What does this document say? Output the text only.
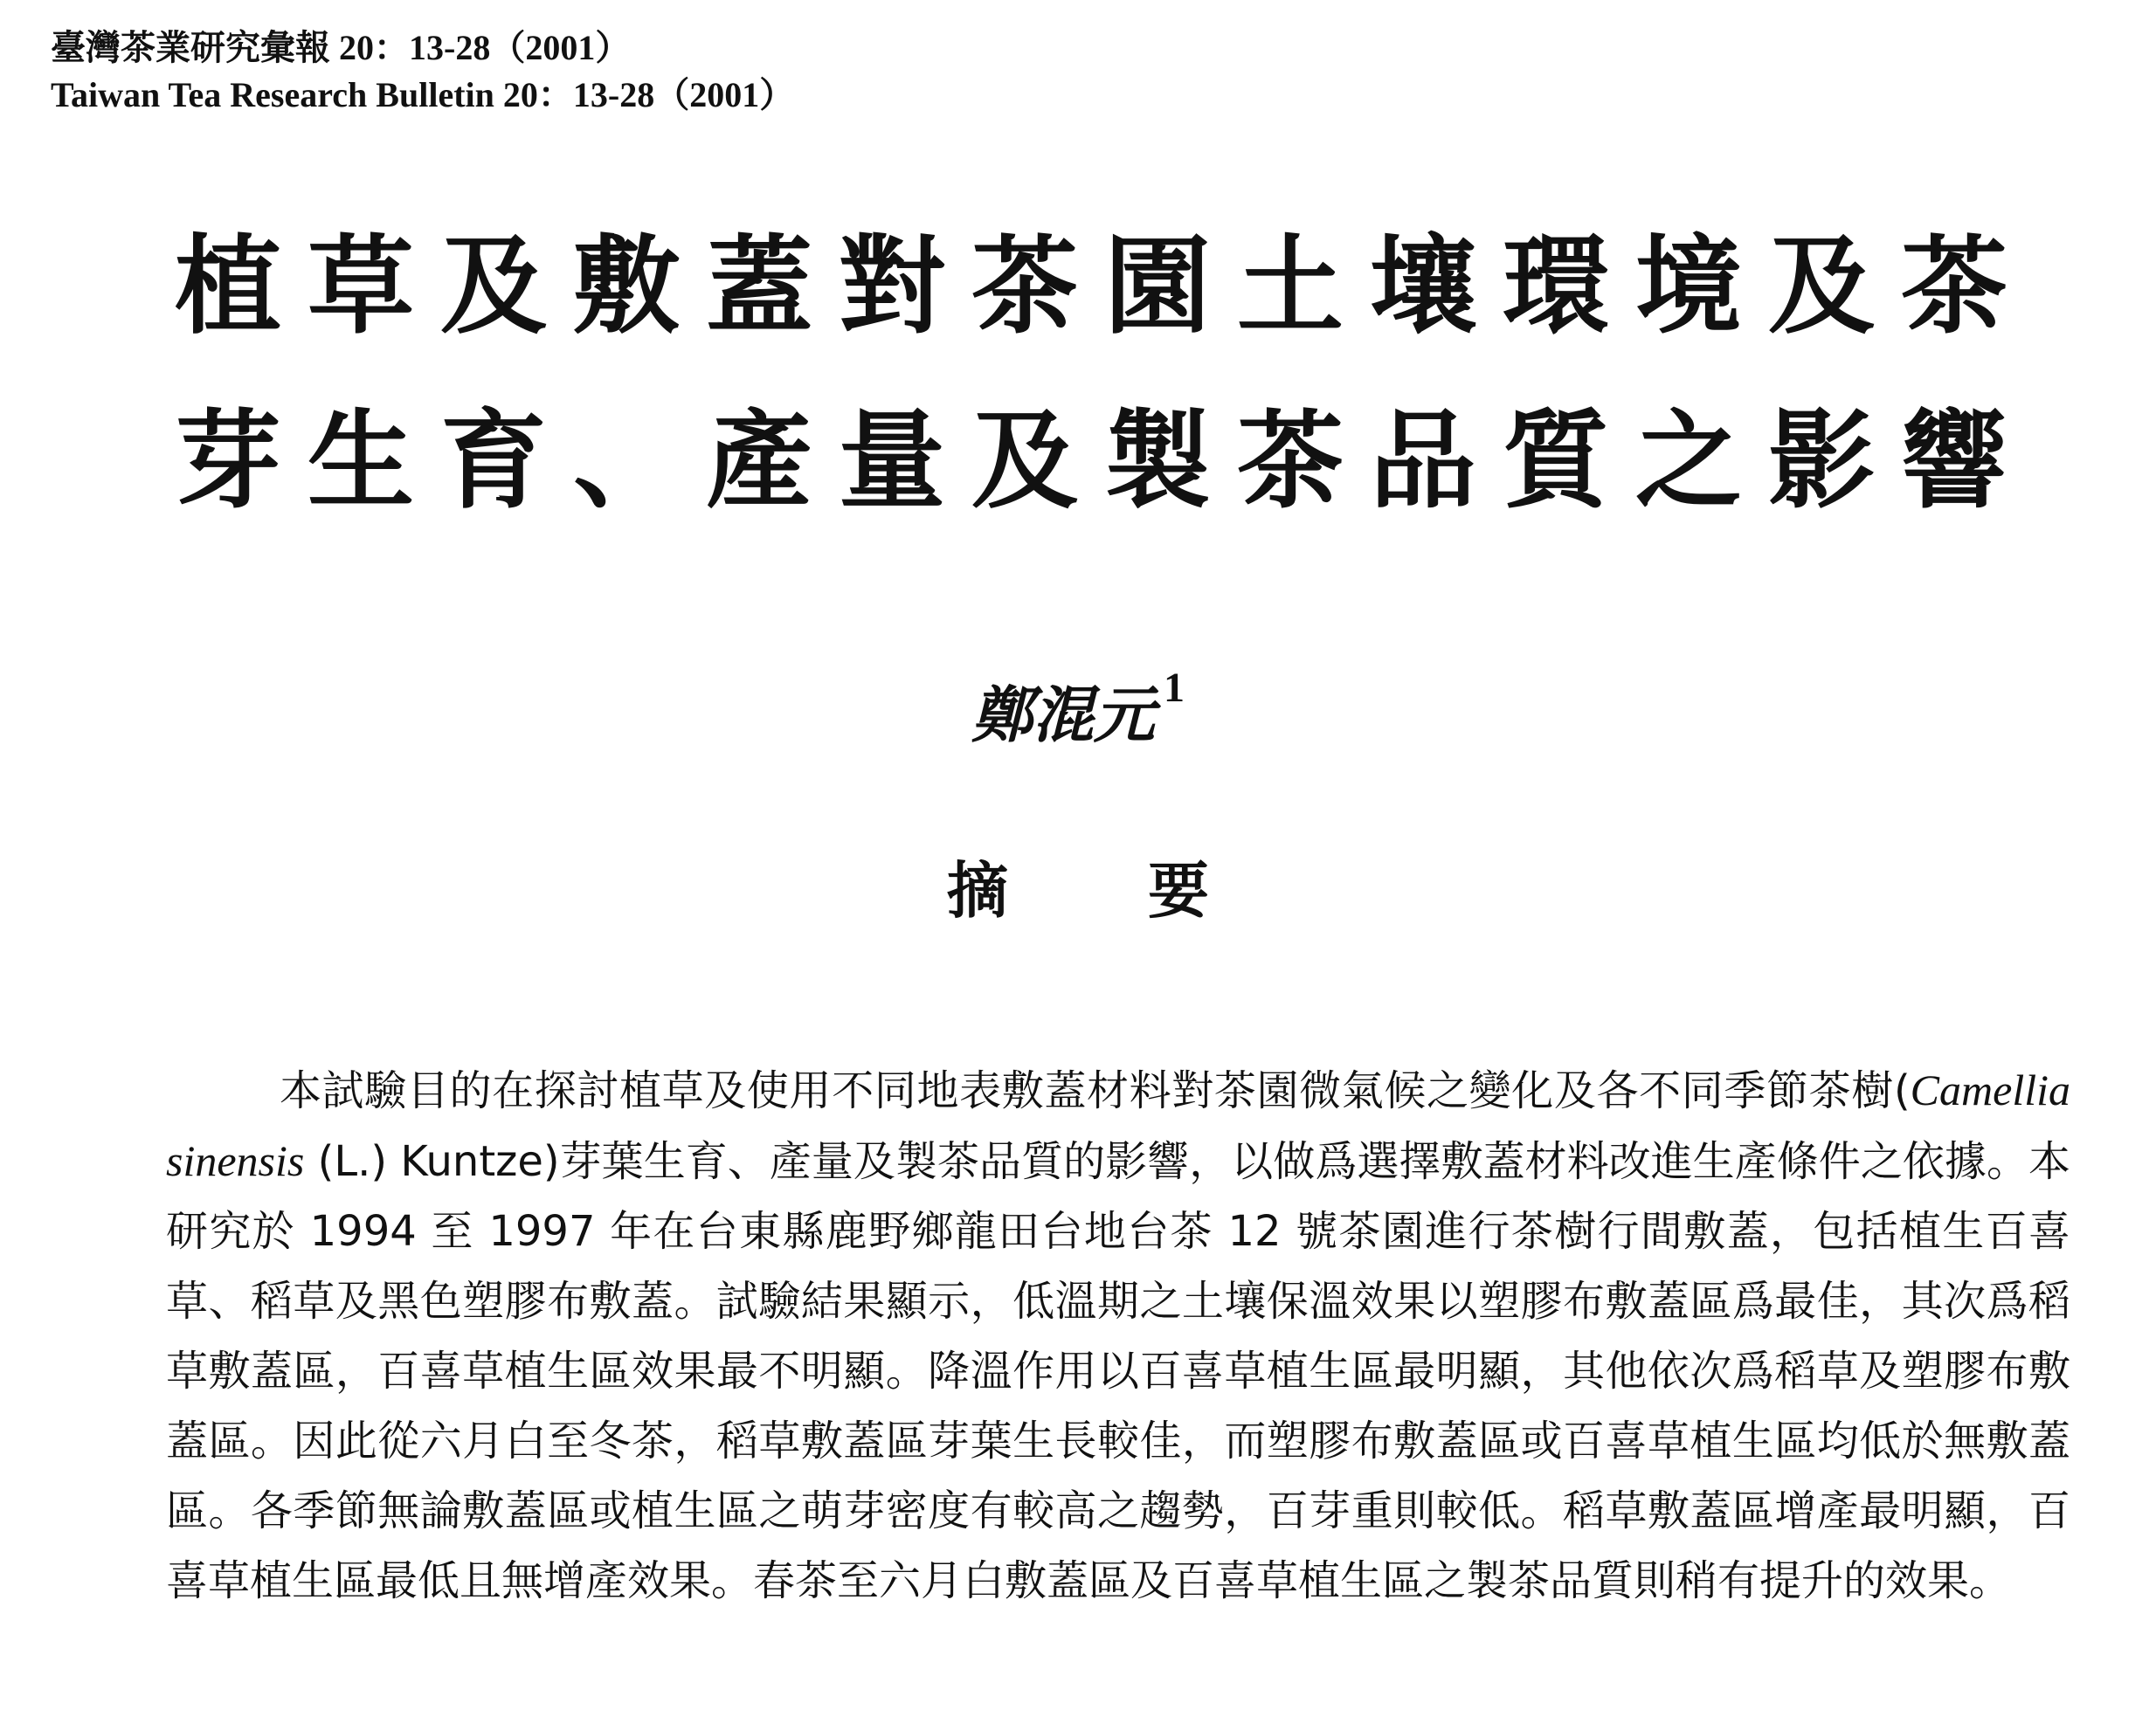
臺灣茶業研究彙報 20：13-28（2001）
Taiwan Tea Research Bulletin 20：13-28（2001）
植草及敷蓋對茶園土壤環境及茶
芽生育、產量及製茶品質之影響
鄭混元 $^1$
摘要

本試驗目的在探討植草及使用不同地表敷蓋材料對茶園微氣候之變化及各不同季節茶樹(Camellia sinensis (L.) Kuntze)芽葉生育、產量及製茶品質的影響，以做爲選擇敷蓋材料改進生產條件之依據。本研究於 1994 至 1997 年在台東縣鹿野鄉龍田台地台茶 12 號茶園進行茶樹行間敷蓋，包括植生百喜草、稻草及黑色塑膠布敷蓋。試驗結果顯示，低溫期之土壤保溫效果以塑膠布敷蓋區爲最佳，其次爲稻草敷蓋區，百喜草植生區效果最不明顯。降溫作用以百喜草植生區最明顯，其他依次爲稻草及塑膠布敷蓋區。因此從六月白至冬茶，稻草敷蓋區芽葉生長較佳，而塑膠布敷蓋區或百喜草植生區均低於無敷蓋區。各季節無論敷蓋區或植生區之萌芽密度有較高之趨勢，百芽重則較低。稻草敷蓋區增產最明顯，百喜草植生區最低且無增產效果。春茶至六月白敷蓋區及百喜草植生區之製茶品質則稍有提升的效果。
